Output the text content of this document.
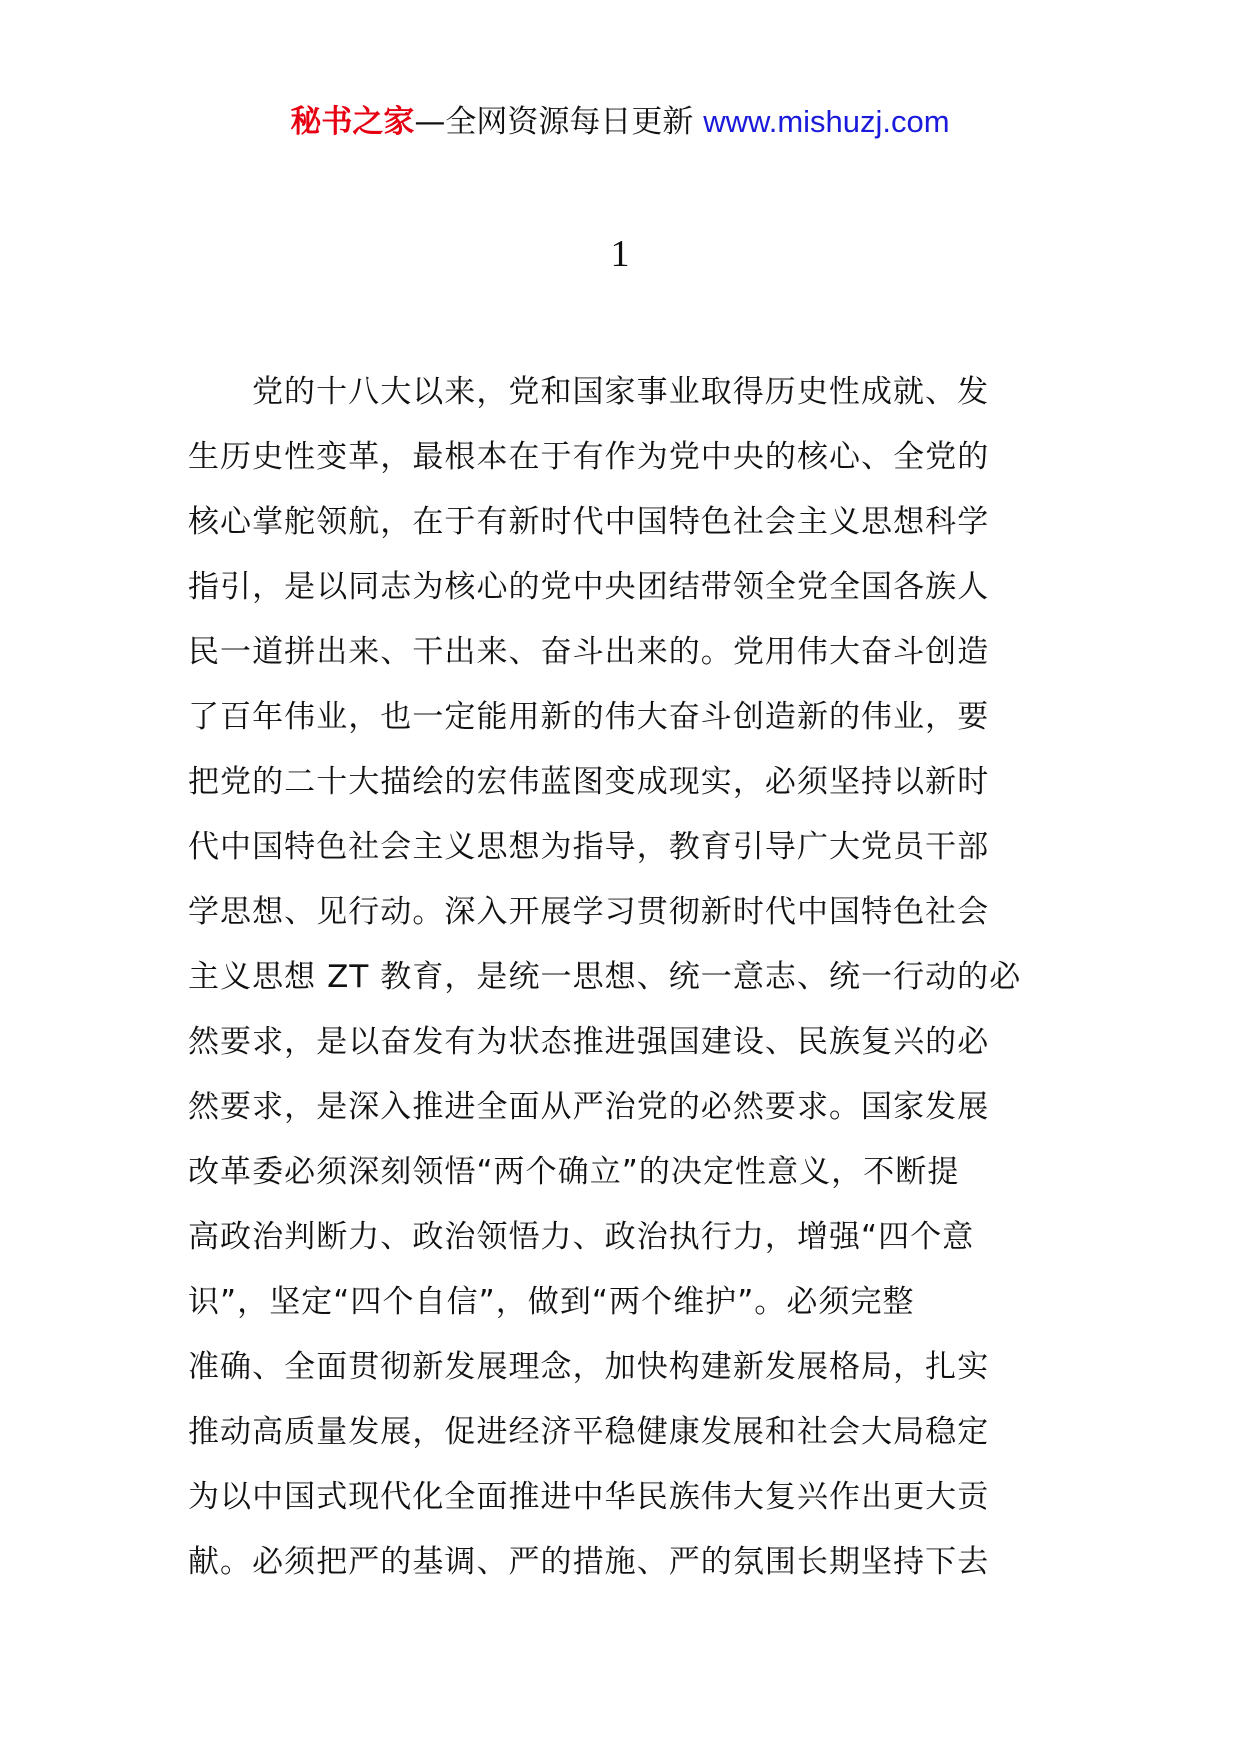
秘书之家—全网资源每日更新 www.mishuzj.com
1

党的十八大以来，党和国家事业取得历史性成就、发
生历史性变革，最根本在于有作为党中央的核心、全党的
核心掌舵领航，在于有新时代中国特色社会主义思想科学
指引，是以同志为核心的党中央团结带领全党全国各族人
民一道拼出来、干出来、奋斗出来的。党用伟大奋斗创造
了百年伟业，也一定能用新的伟大奋斗创造新的伟业，要
把党的二十大描绘的宏伟蓝图变成现实，必须坚持以新时
代中国特色社会主义思想为指导，教育引导广大党员干部
学思想、见行动。深入开展学习贯彻新时代中国特色社会
主义思想 ZT 教育，是统一思想、统一意志、统一行动的必
然要求，是以奋发有为状态推进强国建设、民族复兴的必
然要求，是深入推进全面从严治党的必然要求。国家发展
改革委必须深刻领悟“两个确立”的决定性意义，不断提
高政治判断力、政治领悟力、政治执行力，增强“四个意
识”，坚定“四个自信”，做到“两个维护”。必须完整
准确、全面贯彻新发展理念，加快构建新发展格局，扎实
推动高质量发展，促进经济平稳健康发展和社会大局稳定
为以中国式现代化全面推进中华民族伟大复兴作出更大贡
献。必须把严的基调、严的措施、严的氛围长期坚持下去
